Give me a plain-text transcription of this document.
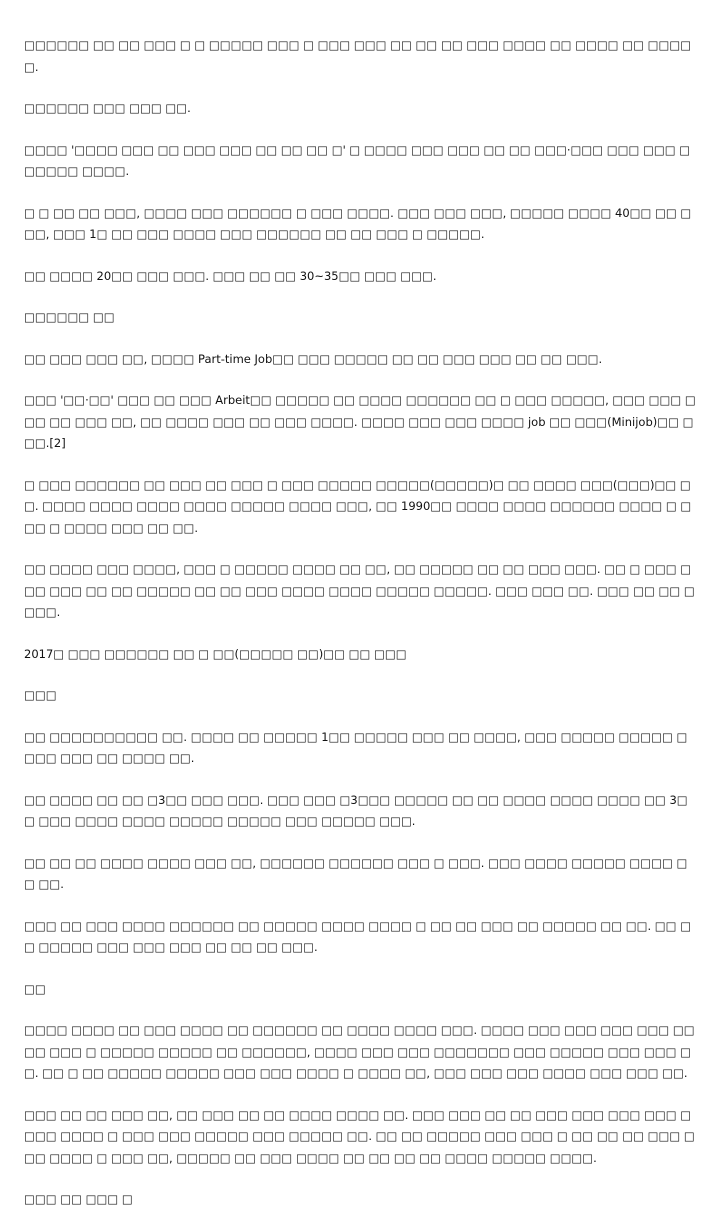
□□□□□□ □□ □□ □□□ □ □ □□□□□ □□□ □ □□□ □□□ □□ □□ □□ □□□ □□□□ □□ □□□□ □□ □□□□□.

□□□□□□ □□□ □□□ □□.

□□□□ '□□□□ □□□ □□ □□□ □□□ □□ □□ □□ □' □ □□□□ □□□ □□□ □□ □□ □□□·□□□ □□□ □□□ □□□□□□ □□□□.

□ □ □□ □□ □□□, □□□□ □□□ □□□□□□ □ □□□ □□□□. □□□ □□□ □□□, □□□□□ □□□□ 40□□ □□ □□□, □□□ 1□ □□ □□□ □□□□ □□□ □□□□□□ □□ □□ □□□ □ □□□□□.

□□ □□□□ 20□□ □□□ □□□. □□□ □□ □□ 30~35□□ □□□ □□□.

□□□□□□ □□

□□ □□□ □□□ □□, □□□□ Part-time Job□□ □□□ □□□□□ □□ □□ □□□ □□□ □□ □□ □□□.

□□□ '□□·□□' □□□ □□ □□□ Arbeit□□ □□□□□ □□ □□□□ □□□□□□ □□ □ □□□ □□□□□, □□□ □□□ □□□ □□ □□□ □□, □□ □□□□ □□□ □□ □□□ □□□□. □□□□ □□□ □□□ □□□□ job □□ □□□(Minijob)□□ □□□.[2]

□ □□□ □□□□□□ □□ □□□ □□ □□□ □ □□□ □□□□□ □□□□□(□□□□□)□ □□ □□□□ □□□(□□□)□□ □□. □□□□ □□□□ □□□□ □□□□ □□□□□ □□□□ □□□, □□ 1990□□ □□□□ □□□□ □□□□□□ □□□□ □ □□□ □ □□□□ □□□ □□ □□.

□□ □□□□ □□□ □□□□, □□□ □ □□□□□ □□□□ □□ □□, □□ □□□□□ □□ □□ □□□ □□□. □□ □ □□□ □□□ □□□ □□ □□ □□□□□ □□ □□ □□□ □□□□ □□□□ □□□□□ □□□□□. □□□ □□□ □□. □□□ □□ □□ □□□□.

2017□ □□□ □□□□□□ □□ □ □□(□□□□□ □□)□□ □□ □□□

□□□

□□ □□□□□□□□□□ □□. □□□□ □□ □□□□□ 1□□ □□□□□ □□□ □□ □□□□, □□□ □□□□□ □□□□□ □□□□ □□□ □□ □□□□ □□.

□□ □□□□ □□ □□ □3□□ □□□ □□□. □□□ □□□ □3□□□ □□□□□ □□ □□ □□□□ □□□□ □□□□ □□ 3□□ □□□ □□□□ □□□□ □□□□□ □□□□□ □□□ □□□□□ □□□.

□□ □□ □□ □□□□ □□□□ □□□ □□, □□□□□□ □□□□□□ □□□ □ □□□. □□□ □□□□ □□□□□ □□□□ □□ □□.

□□□ □□ □□□ □□□□ □□□□□□ □□ □□□□□ □□□□ □□□□ □ □□ □□ □□□ □□ □□□□□ □□ □□. □□ □□ □□□□□ □□□ □□□ □□□ □□ □□ □□ □□□.

□□

□□□□ □□□□ □□ □□□ □□□□ □□ □□□□□□ □□ □□□□ □□□□ □□□. □□□□ □□□ □□□ □□□ □□□ □□□□ □□□ □ □□□□□ □□□□□ □□ □□□□□□, □□□□ □□□ □□□ □□□□□□□ □□□ □□□□□ □□□ □□□ □□. □□ □ □□ □□□□□ □□□□□ □□□ □□□ □□□□ □ □□□□ □□, □□□ □□□ □□□ □□□□ □□□ □□□ □□.

□□□ □□ □□ □□□ □□, □□ □□□ □□ □□ □□□□ □□□□ □□. □□□ □□□ □□ □□ □□□ □□□ □□□ □□□ □□□□ □□□□ □ □□□ □□□ □□□□□ □□□ □□□□□ □□. □□ □□ □□□□□ □□□ □□□ □ □□ □□ □□ □□□ □□□ □□□□ □ □□□ □□, □□□□□ □□ □□□ □□□□ □□ □□ □□ □□ □□□□ □□□□□ □□□□.

□□□ □□ □□□ □
